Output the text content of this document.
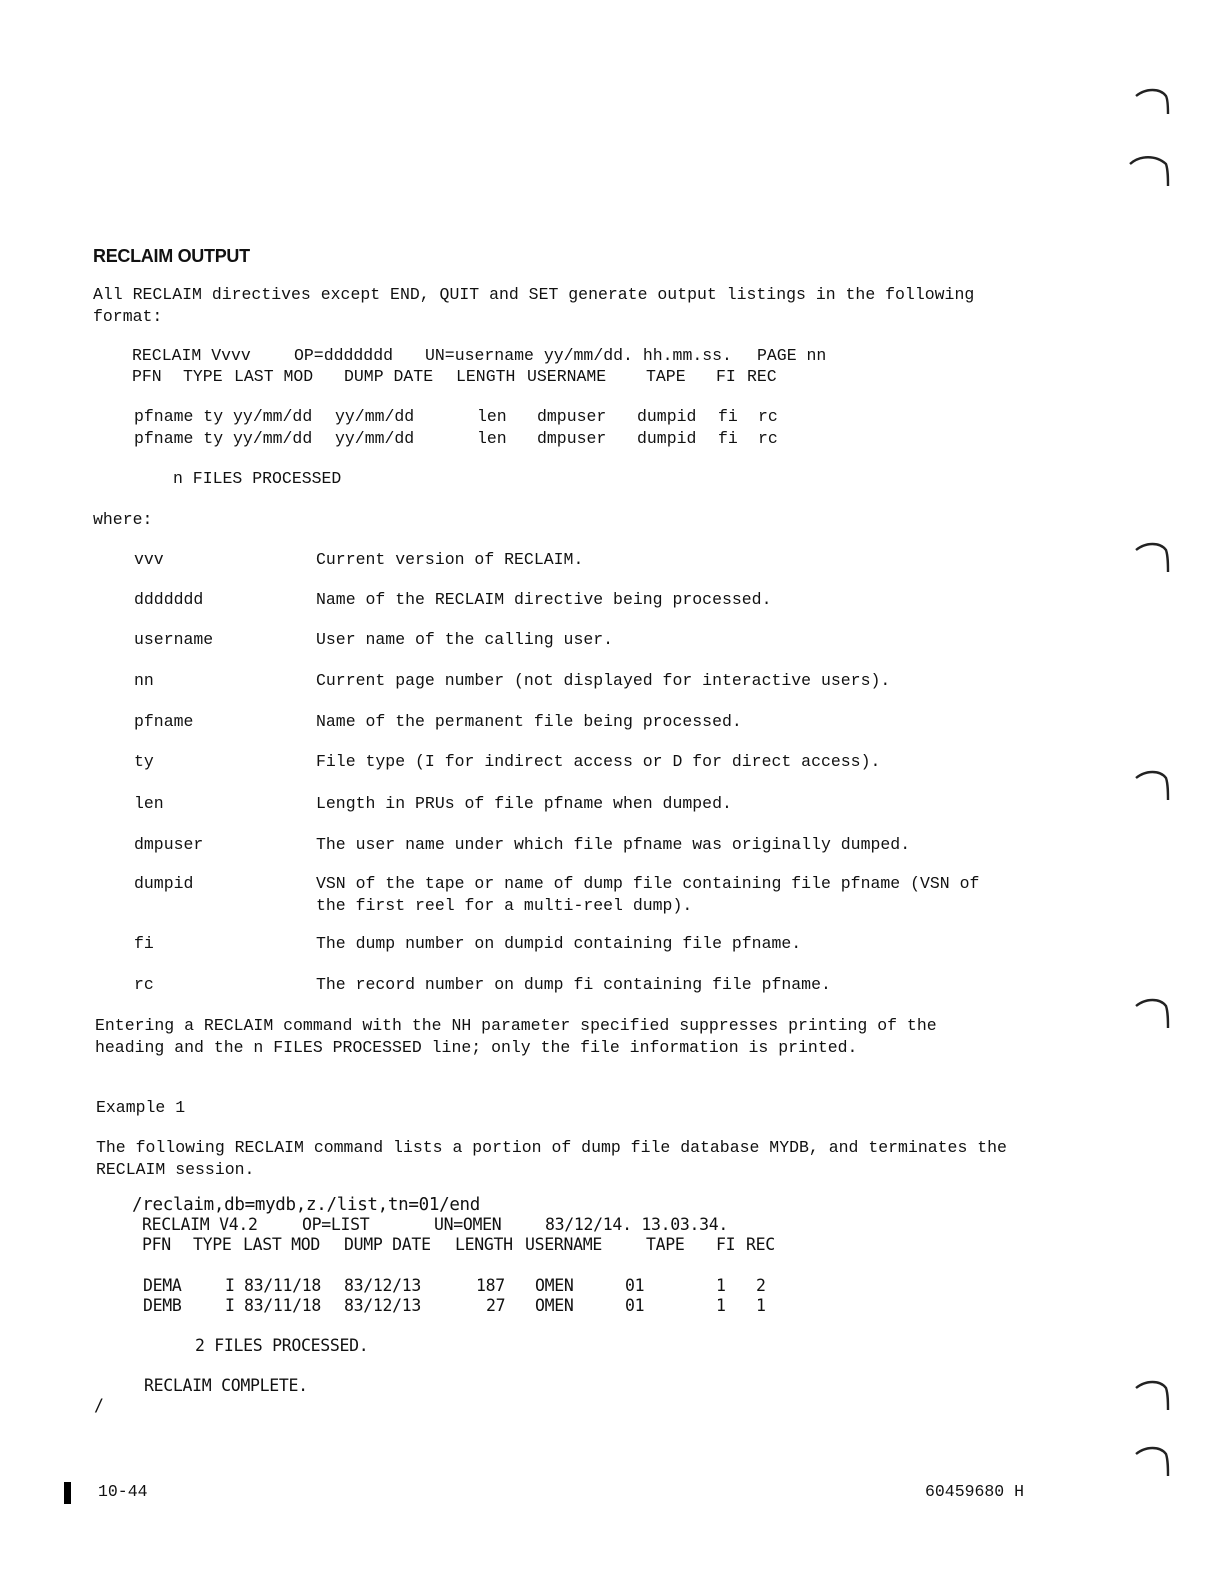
RECLAIM OUTPUT
All RECLAIM directives except END, QUIT and SET generate output listings in the following
format:
RECLAIM Vvvv	OP=ddddddd UN=username yy/mm/dd. hh.mm.ss. PAGE nn
PFN TYPE LAST MOD DUMP DATE LENGTH USERNAME TAPE FI REC
pfname ty yy/mm/dd yy/mm/dd	len dmpuser dumpid fi rc
pfname ty yy/mm/dd yy/mm/dd	len dmpuser dumpid fi rc
n FILES PROCESSED
where:
vvv	Current version of RECLAIM.
ddddddd	Name of the RECLAIM directive being processed.
username	User name of the calling user.
nn	Current page number (not displayed for interactive users).
pfname	Name of the permanent file being processed.
ty	File type (I for indirect access or D for direct access).
len	Length in PRUs of file pfname when dumped.
dmpuser	The user name under which file pfname was originally dumped.
dumpid	VSN of the tape or name of dump file containing file pfname (VSN of
the first reel for a multi-reel dump).
fi	The dump number on dumpid containing file pfname.
rc	The record number on dump fi containing file pfname.
Entering a RECLAIM command with the NH parameter specified suppresses printing of the
heading and the n FILES PROCESSED line; only the file information is printed.
Example 1
The following RECLAIM command lists a portion of dump file database MYDB, and terminates the
RECLAIM session.
/reclaim,db=mydb,z./list,tn=01/end
RECLAIM V4.2	OP=LIST	UN=OMEN	83/12/14. 13.03.34.
PFN TYPE LAST MOD DUMP DATE LENGTH USERNAME	TAPE FI REC
DEMA	I 83/11/18 83/12/13	187 OMEN	01	1 2
DEMB	I 83/11/18 83/12/13	27 OMEN	01	1 1
2 FILES PROCESSED.
RECLAIM COMPLETE.
/
10-44	60459680 H
